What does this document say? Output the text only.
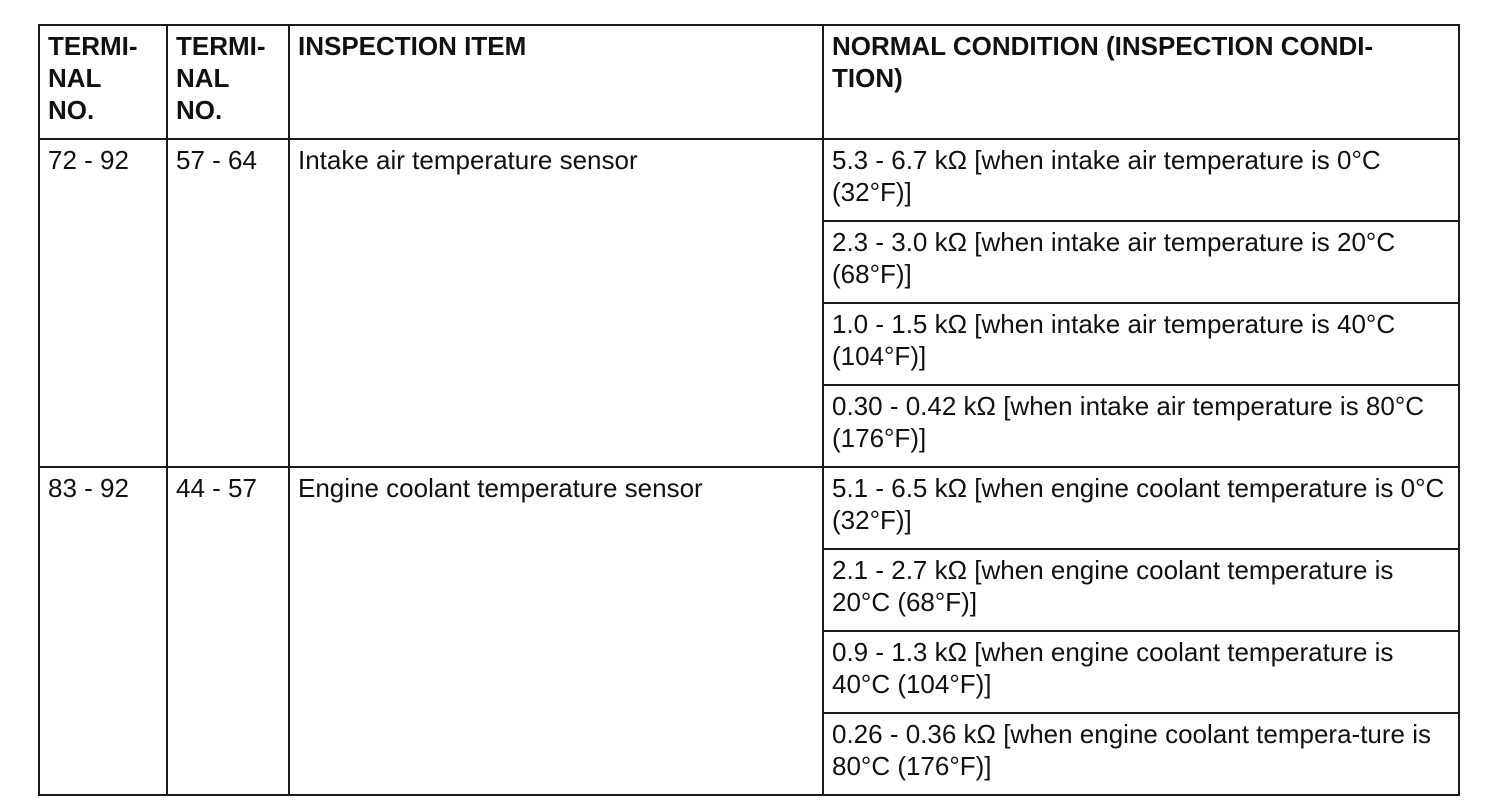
TERMI-
NAL
NO.	TERMI-
NAL
NO.	INSPECTION ITEM	NORMAL CONDITION (INSPECTION CONDI-
TION)
72 - 92	57 - 64	Intake air temperature sensor	5.3 - 6.7 kΩ [when intake air temperature is 0°C (32°F)]
			2.3 - 3.0 kΩ [when intake air temperature is 20°C (68°F)]
			1.0 - 1.5 kΩ [when intake air temperature is 40°C (104°F)]
			0.30 - 0.42 kΩ [when intake air temperature is 80°C (176°F)]
83 - 92	44 - 57	Engine coolant temperature sensor	5.1 - 6.5 kΩ [when engine coolant temperature is 0°C (32°F)]
			2.1 - 2.7 kΩ [when engine coolant temperature is 20°C (68°F)]
			0.9 - 1.3 kΩ [when engine coolant temperature is 40°C (104°F)]
			0.26 - 0.36 kΩ [when engine coolant tempera-ture is 80°C (176°F)]
